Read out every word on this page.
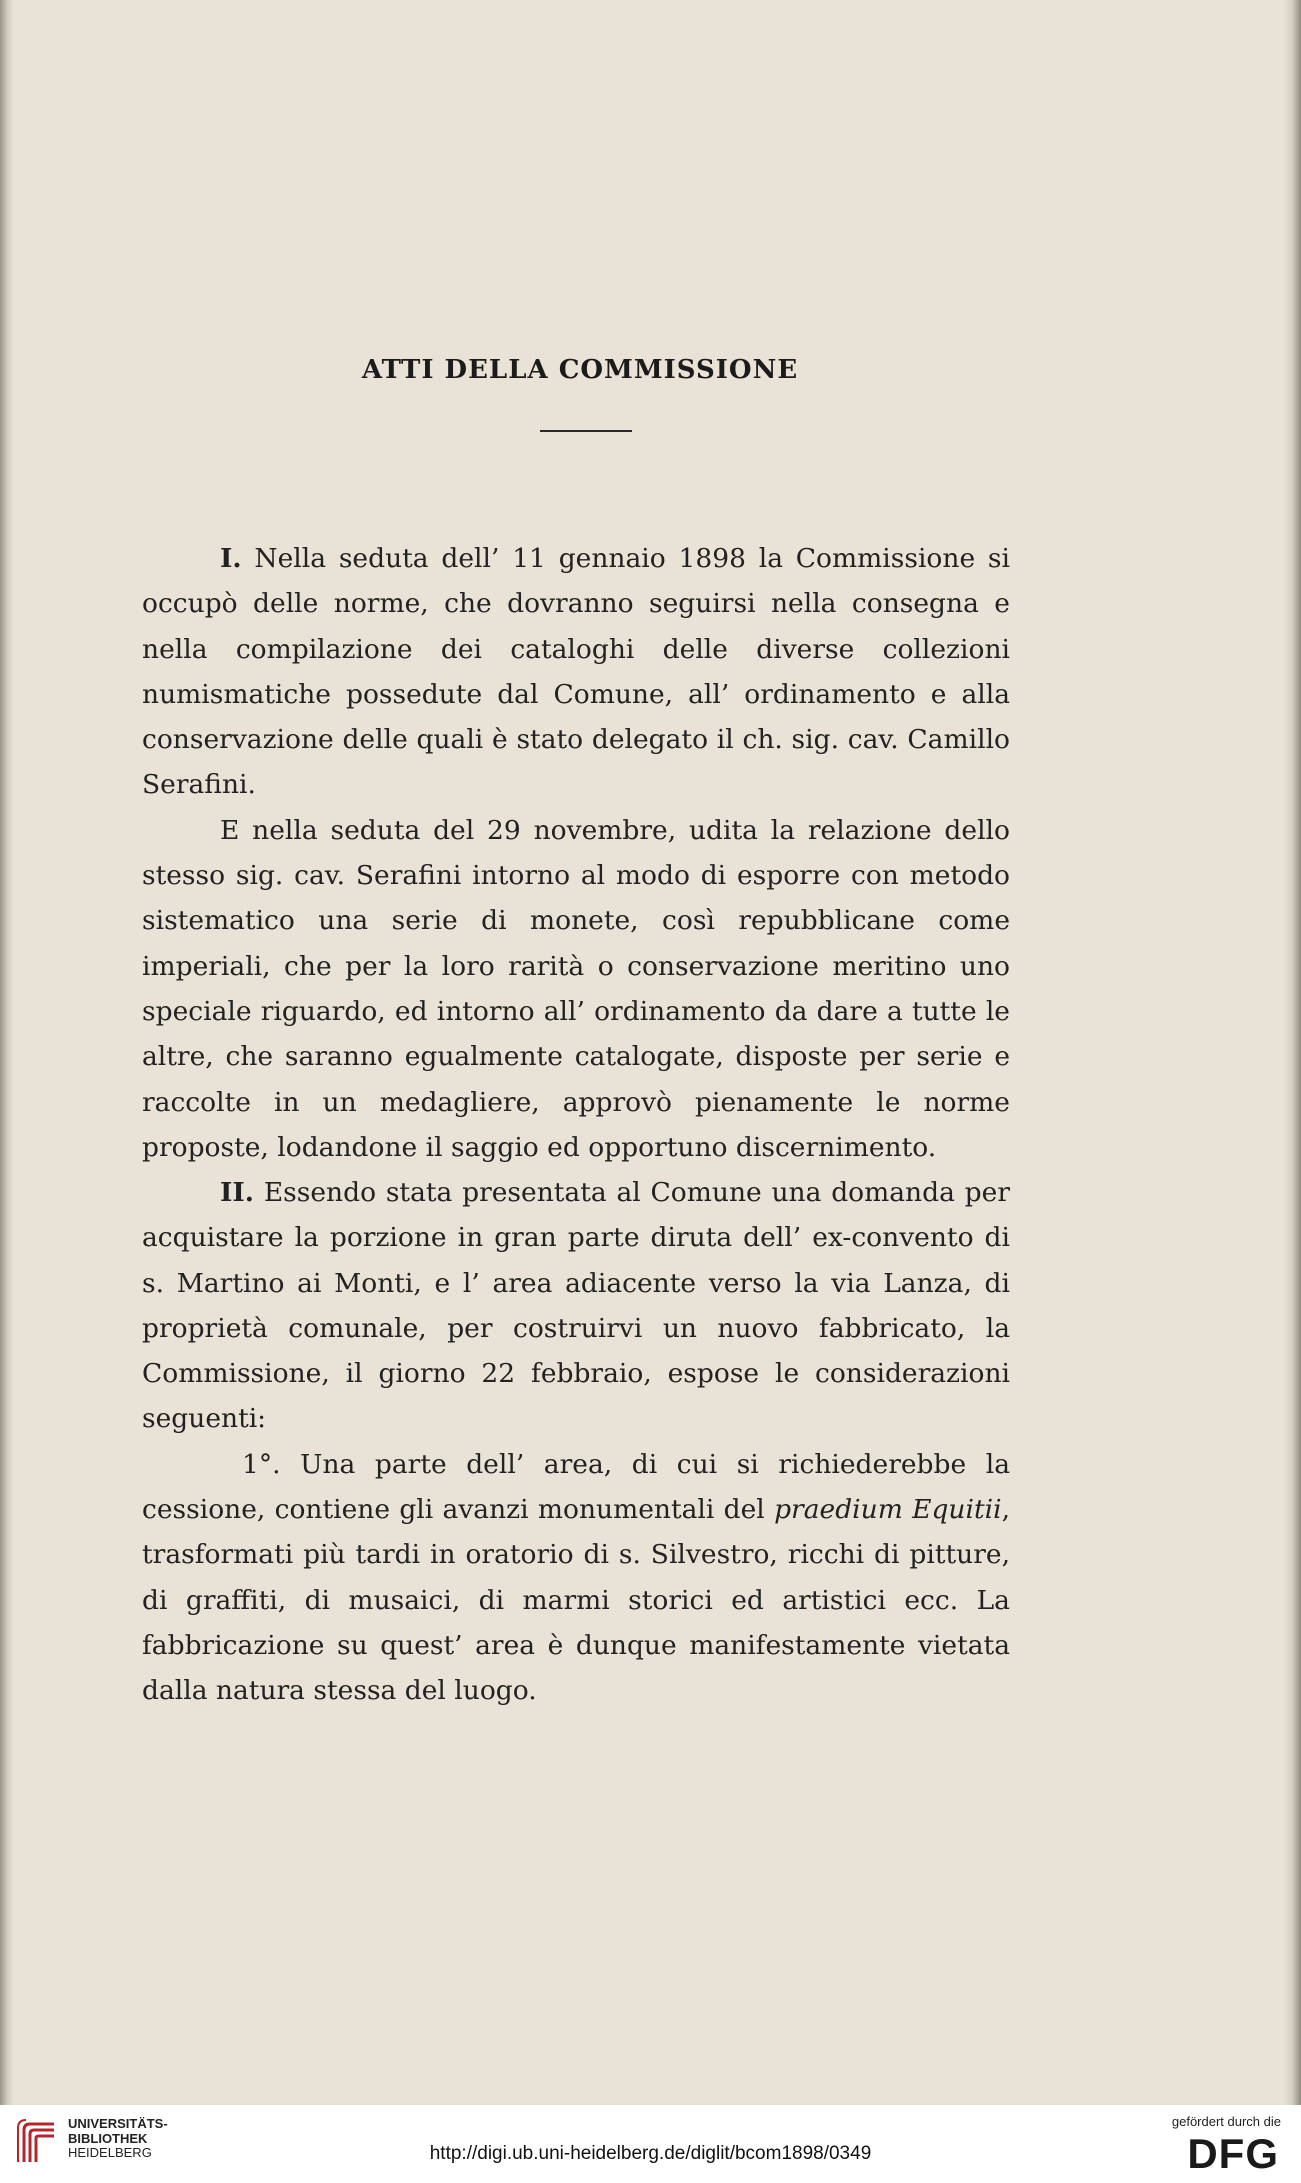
ATTI DELLA COMMISSIONE

I. Nella seduta dell’ 11 gennaio 1898 la Commissione si occupò delle norme, che dovranno seguirsi nella consegna e nella compilazione dei cataloghi delle diverse collezioni numismatiche possedute dal Comune, all’ ordinamento e alla conservazione delle quali è stato delegato il ch. sig. cav. Camillo Serafini.

E nella seduta del 29 novembre, udita la relazione dello stesso sig. cav. Serafini intorno al modo di esporre con metodo sistematico una serie di monete, così repubblicane come imperiali, che per la loro rarità o conservazione meritino uno speciale riguardo, ed intorno all’ ordinamento da dare a tutte le altre, che saranno egualmente catalogate, disposte per serie e raccolte in un medagliere, approvò pienamente le norme proposte, lodandone il saggio ed opportuno discernimento.

II. Essendo stata presentata al Comune una domanda per acquistare la porzione in gran parte diruta dell’ ex-convento di s. Martino ai Monti, e l’ area adiacente verso la via Lanza, di proprietà comunale, per costruirvi un nuovo fabbricato, la Commissione, il giorno 22 febbraio, espose le considerazioni seguenti:

1°. Una parte dell’ area, di cui si richiederebbe la cessione, contiene gli avanzi monumentali del praedium Equitii, trasformati più tardi in oratorio di s. Silvestro, ricchi di pitture, di graffiti, di musaici, di marmi storici ed artistici ecc. La fabbricazione su quest’ area è dunque manifestamente vietata dalla natura stessa del luogo.

UNIVERSITÄTS-
BIBLIOTHEK
HEIDELBERG	http://digi.ub.uni-heidelberg.de/diglit/bcom1898/0349
gefördert durch die
DFG
